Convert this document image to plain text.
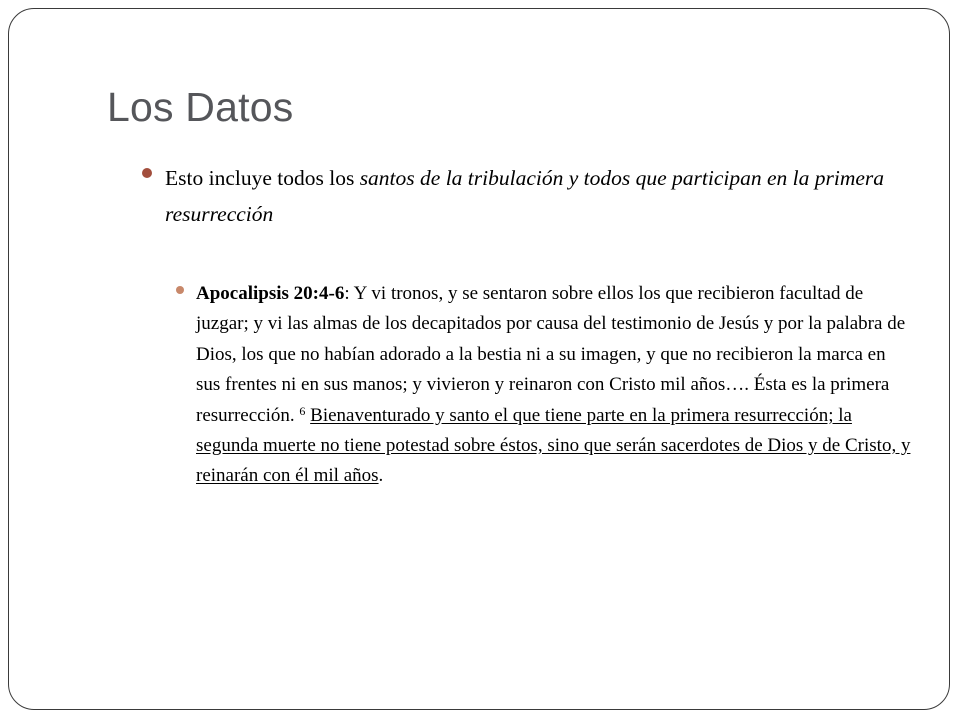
Los Datos
Esto incluye todos los santos de la tribulación y todos que participan en la primera resurrección
Apocalipsis 20:4-6: Y vi tronos, y se sentaron sobre ellos los que recibieron facultad de juzgar; y vi las almas de los decapitados por causa del testimonio de Jesús y por la palabra de Dios, los que no habían adorado a la bestia ni a su imagen, y que no recibieron la marca en sus frentes ni en sus manos; y vivieron y reinaron con Cristo mil años…. Ésta es la primera resurrección. $^6$ Bienaventurado y santo el que tiene parte en la primera resurrección; la segunda muerte no tiene potestad sobre éstos, sino que serán sacerdotes de Dios y de Cristo, y reinarán con él mil años.
